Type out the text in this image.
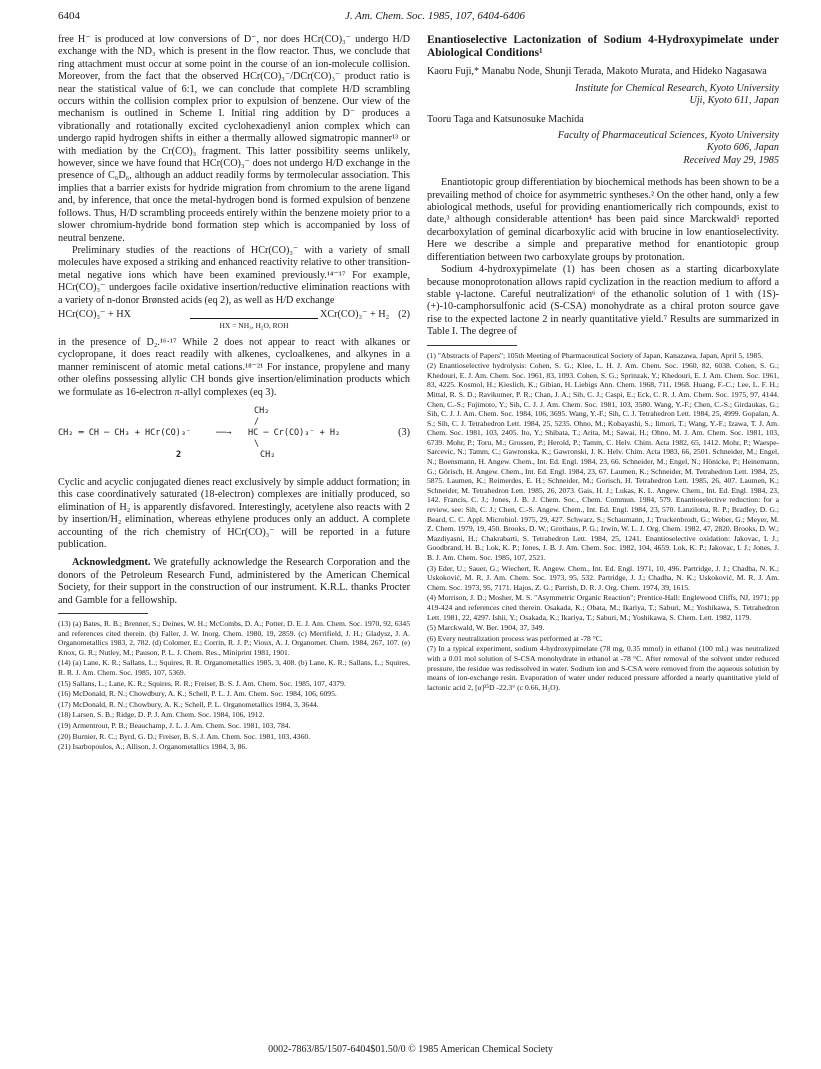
6404	J. Am. Chem. Soc. 1985, 107, 6404-6406

free H⁻ is produced at low conversions of D⁻, nor does HCr(CO)₃⁻ undergo H/D exchange with the ND₃ which is present in the flow reactor. Thus, we conclude that ring attachment must occur at some point in the course of an ion-molecule collision. Moreover, from the fact that the observed HCr(CO)₃⁻/DCr(CO)₃⁻ product ratio is near the statistical value of 6:1, we can conclude that complete H/D scrambling occurs within the collision complex prior to expulsion of benzene. Our view of the mechanism is outlined in Scheme I. Initial ring addition by D⁻ produces a vibrationally and rotationally excited cyclohexadienyl anion complex which can undergo rapid hydrogen shifts in either a thermally allowed sigmatropic manner¹³ or with mediation by the Cr(CO)₃ fragment. This latter possibility seems unlikely, however, since we have found that HCr(CO)₃⁻ does not undergo H/D exchange in the presence of C₆D₆, although an adduct readily forms by termolecular association. This implies that a barrier exists for hydride migration from chromium to the arene ligand and, by inference, that once the metal-hydrogen bond is formed expulsion of benzene follows. Thus, H/D scrambling proceeds entirely within the benzene moiety prior to a slower chromium-hydride bond formation step which is accompanied by loss of neutral benzene.

Preliminary studies of the reactions of HCr(CO)₃⁻ with a variety of small molecules have exposed a striking and enhanced reactivity relative to other transition-metal negative ions which have been examined previously.¹⁴⁻¹⁷ For example, HCr(CO)₃⁻ undergoes facile oxidative insertion/reductive elimination reactions with a variety of n-donor Brønsted acids (eq 2), as well as H/D exchange

HCr(CO)₃⁻ + HX
HX = NH₃, H₂O, ROH
XCr(CO)₃⁻ + H₂ (2)

in the presence of D₂.¹⁶·¹⁷ While 2 does not appear to react with alkanes or cyclopropane, it does react readily with alkenes, cycloalkenes, and alkynes in a manner reminiscent of atomic metal cations.¹⁸⁻²¹ For instance, propylene and many other olefins possessing allylic CH bonds give insertion/elimination products which we formulate as 16-electron π-allyl complexes (eq 3).

CH₂
/
CH₂ ═ CH ─ CH₃ + HCr(CO)₃⁻	──→ HC ─ Cr(CO)₃⁻ + H₂
\
CH₂
2
(3)

Cyclic and acyclic conjugated dienes react exclusively by simple adduct formation; in this case coordinatively saturated (18-electron) complexes are initially produced, so elimination of H₂ is apparently disfavored. Interestingly, acetylene also reacts with 2 by insertion/H₂ elimination, whereas ethylene produces only an adduct. A complete accounting of the rich chemistry of HCr(CO)₃⁻ will be reported in a future publication.

Acknowledgment. We gratefully acknowledge the Research Corporation and the donors of the Petroleum Research Fund, administered by the American Chemical Society, for their support in the construction of our instrument. K.R.L. thanks Procter and Gamble for a fellowship.

(13) (a) Bates, R. B.; Brenner, S.; Deines, W. H.; McCombs, D. A.; Potter, D. E. J. Am. Chem. Soc. 1970, 92, 6345 and references cited therein. (b) Faller, J. W. Inorg. Chem. 1980, 19, 2859. (c) Merrifield, J. H.; Gladysz, J. A. Organometallics 1983, 2, 782. (d) Colomer, E.; Corrin, R. J. P.; Vioux, A. J. Organomet. Chem. 1984, 267, 107. (e) Knox, G. R.; Nutley, M.; Pauson, P. L. J. Chem. Res., Miniprint 1981, 1901.

(14) (a) Lane, K. R.; Sallans, L.; Squires, R. R. Organometallics 1985, 3, 408. (b) Lane, K. R.; Sallans, L.; Squires, R. R. J. Am. Chem. Soc. 1985, 107, 5369.

(15) Sallans, L.; Lane, K. R.; Squires, R. R.; Freiser, B. S. J. Am. Chem. Soc. 1985, 107, 4379.

(16) McDonald, R. N.; Chowdbury, A. K.; Schell, P. L. J. Am. Chem. Soc. 1984, 106, 6095.

(17) McDonald, R. N.; Chowbury, A. K.; Schell, P. L. Organometallics 1984, 3, 3644.

(18) Larsen, S. B.; Ridge, D. P. J. Am. Chem. Soc. 1984, 106, 1912.

(19) Armentrout, P. B.; Beauchamp, J. L. J. Am. Chem. Soc. 1981, 103, 784.

(20) Burnier, R. C.; Byrd, G. D.; Freiser, B. S. J. Am. Chem. Soc. 1981, 103, 4360.

(21) Isarbopoulos, A.; Allison, J. Organometallics 1984, 3, 86.

Enantioselective Lactonization of Sodium 4-Hydroxypimelate under Abiological Conditions¹

Kaoru Fuji,* Manabu Node, Shunji Terada, Makoto Murata, and Hideko Nagasawa

Institute for Chemical Research, Kyoto University

Uji, Kyoto 611, Japan

Tooru Taga and Katsunosuke Machida

Faculty of Pharmaceutical Sciences, Kyoto University

Kyoto 606, Japan

Received May 29, 1985

Enantiotopic group differentiation by biochemical methods has been shown to be a prevailing method of choice for asymmetric syntheses.² On the other hand, only a few abiological methods, useful for providing enantiomerically rich compounds, exist to date,³ although considerable attention⁴ has been paid since Marckwald⁵ reported decarboxylation of geminal dicarboxylic acid with brucine in low enantioselectivity. Here we describe a simple and preparative method for enantiotopic group differentiation between two carboxylate groups by protonation.

Sodium 4-hydroxypimelate (1) has been chosen as a starting dicarboxylate because monoprotonation allows rapid cyclization in the reaction medium to afford a stable γ-lactone. Careful neutralization⁶ of the ethanolic solution of 1 with (1S)-(+)-10-camphorsulfonic acid (S-CSA) monohydrate as a chiral proton source gave rise to the expected lactone 2 in nearly quantitative yield.⁷ Results are summarized in Table I. The degree of

(1) "Abstracts of Papers"; 105th Meeting of Pharmaceutical Society of Japan, Kanazawa, Japan, April 5, 1985.

(2) Enantioselective hydrolysis: Cohen, S. G.; Klee, L. H. J. Am. Chem. Soc. 1960, 82, 6038. Cohen, S. G.; Khedouri, E. J. Am. Chem. Soc. 1961, 83, 1093. Cohen, S. G.; Sprinzak, Y.; Khedouri, E. J. Am. Chem. Soc. 1961, 83, 4225. Kosmol, H.; Kieslich, K.; Gibian, H. Liebigs Ann. Chem. 1968, 711, 1968. Huang, F.-C.; Lee, L. F. H.; Mittal, R. S. D.; Ravikumer, P. R.; Chan, J. A.; Sih, C. J.; Caspi, E.; Eck, C. R. J. Am. Chem. Soc. 1975, 97, 4144. Chen, C.-S.; Fujimoto, Y.; Sih, C. J. J. Am. Chem. Soc. 1981, 103, 3580. Wang, Y.-F.; Chen, C.-S.; Girdaukas, G.; Sih, C. J. J. Am. Chem. Soc. 1984, 106, 3695. Wang, Y.-F.; Sih, C. J. Tetrahedron Lett. 1984, 25, 4999. Gopalan, A. S.; Sih, C. J. Tetrahedron Lett. 1984, 25, 5235. Ohno, M.; Kobayashi, S.; Iimori, T.; Wang, Y.-F.; Izawa, T. J. Am. Chem. Soc. 1981, 103, 2405. Ito, Y.; Shibata, T.; Arita, M.; Sawai, H.; Ohno, M. J. Am. Chem. Soc. 1981, 103, 6739. Mohr, P.; Toru, M.; Grossen, P.; Herold, P.; Tamm, C. Helv. Chim. Acta 1982, 65, 1412. Mohr, P.; Waespe-Sarcevic, N.; Tamm, C.; Gawronska, K.; Gawronski, J. K. Helv. Chim. Acta 1983, 66, 2501. Schneider, M.; Engel, N.; Boensmann, H. Angew. Chem., Int. Ed. Engl. 1984, 23, 66. Schneider, M.; Engel, N.; Hönicke, P.; Heinemann, G.; Görisch, H. Angew. Chem., Int. Ed. Engl. 1984, 23, 67. Laumen, K.; Schneider, M. Tetrahedron Lett. 1984, 25, 5875. Laumen, K.; Reimerdes, E. H.; Schneider, M.; Gorisch, H. Tetrahedron Lett. 1985, 26, 407. Laumen, K.; Schneider, M. Tetrahedron Lett. 1985, 26, 2073. Gais, H. J.; Lukas, K. L. Angew. Chem., Int. Ed. Engl. 1984, 23, 142. Francis, C. J.; Jones, J. B. J. Chem. Soc., Chem. Commun. 1984, 579. Enantioselective reduction: for a review, see: Sih, C. J.; Chen, C.-S. Angew. Chem., Int. Ed. Engl. 1984, 23, 570. Lanzilotta, R. P.; Bradley, D. G.; Beard, C. C. Appl. Microbiol. 1975, 29, 427. Schwarz, S.; Schaumann, J.; Truckenbrodt, G.; Weber, G.; Meyer, M. Z. Chem. 1979, 19, 450. Brooks, D. W.; Grothaus, P. G.; Irwin, W. L. J. Org. Chem. 1982, 47, 2820. Brooks, D. W.; Mazdiyasni, H.; Chakrabarti, S. Tetrahedron Lett. 1984, 25, 1241. Enantioselective oxidation: Jakovac, I. J.; Goodbrand, H. B.; Lok, K. P.; Jones, J. B. J. Am. Chem. Soc. 1982, 104, 4659. Lok, K. P.; Jakovac, I. J.; Jones, J. B. J. Am. Chem. Soc. 1985, 107, 2521.

(3) Eder, U.; Sauer, G.; Wiechert, R. Angew. Chem., Int. Ed. Engl. 1971, 10, 496. Partridge, J. J.; Chadha, N. K.; Uskoković, M. R. J. Am. Chem. Soc. 1973, 95, 532. Partridge, J. J.; Chadha, N. K.; Uskoković, M. R. J. Am. Chem. Soc. 1973, 95, 7171. Hajos, Z. G.; Parrish, D. R. J. Org. Chem. 1974, 39, 1615.

(4) Morrison, J. D.; Mosher, M. S. "Asymmetric Organic Reaction"; Prentice-Hall: Englewood Cliffs, NJ, 1971; pp 419-424 and references cited therein. Osakada, K.; Obata, M.; Ikariya, T.; Saburi, M.; Yoshikawa, S. Tetrahedron Lett. 1981, 22, 4297. Ishii, Y.; Osakada, K.; Ikariya, T.; Saburi, M.; Yoshikawa, S. Chem. Lett. 1982, 1179.

(5) Marckwald, W. Ber. 1904, 37, 349.

(6) Every neutralization process was performed at -78 °C.

(7) In a typical experiment, sodium 4-hydroxypimelate (78 mg, 0.35 mmol) in ethanol (100 mL) was neutralized with a 0.01 mol solution of S-CSA monohydrate in ethanol at -78 °C. After removal of the solvent under reduced pressure, the residue was redissolved in water. Sodium ion and S-CSA were removed from the aqueous solution by means of ion-exchange resin. Evaporation of water under reduced pressure afforded a nearly quantitative yield of lactonic acid 2, [α]²⁵D -22.3° (c 0.66, H₂O).

0002-7863/85/1507-6404$01.50/0 © 1985 American Chemical Society
